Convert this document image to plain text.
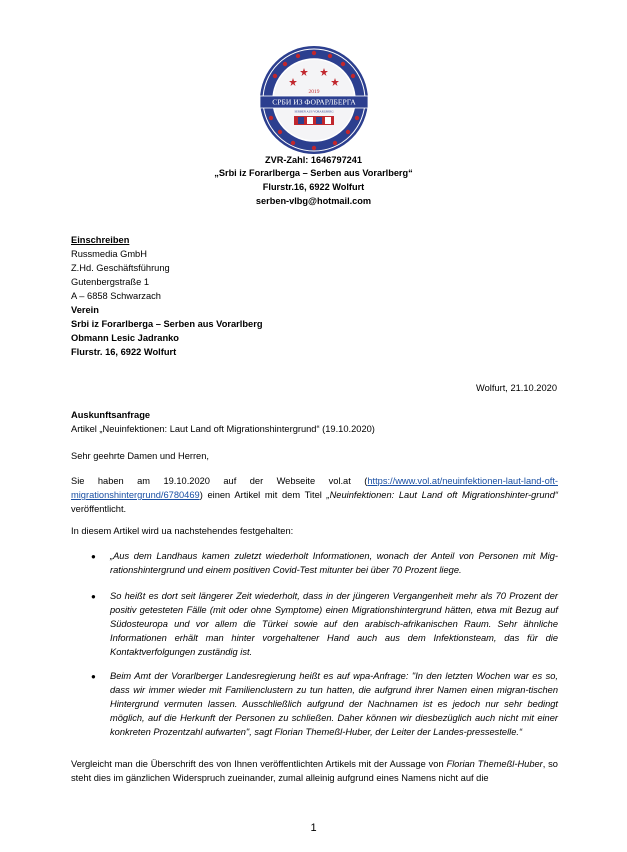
2019
СРБИ ИЗ ФОРАРЛБЕРГА
SERBEN AUS VORARLBERG
ZVR-Zahl: 1646797241
„Srbi iz Forarlberga – Serben aus Vorarlberg“
Flurstr.16, 6922 Wolfurt
serben-vlbg@hotmail.com
Einschreiben
Russmedia GmbH
Z.Hd. Geschäftsführung
Gutenbergstraße 1
A – 6858 Schwarzach
Verein
Srbi iz Forarlberga – Serben aus Vorarlberg
Obmann Lesic Jadranko
Flurstr. 16, 6922 Wolfurt
Wolfurt, 21.10.2020
Auskunftsanfrage
Artikel „Neuinfektionen: Laut Land oft Migrationshintergrund“ (19.10.2020)
Sehr geehrte Damen und Herren,
Sie haben am 19.10.2020 auf der Webseite vol.at (https://www.vol.at/neuinfektionen-laut-land-oft-migrationshintergrund/6780469) einen Artikel mit dem Titel „Neuinfektionen: Laut Land oft Migrationshinter-grund“ veröffentlicht.
In diesem Artikel wird ua nachstehendes festgehalten:
● „Aus dem Landhaus kamen zuletzt wiederholt Informationen, wonach der Anteil von Personen mit Mig-rationshintergrund und einem positiven Covid-Test mitunter bei über 70 Prozent liege.
● So heißt es dort seit längerer Zeit wiederholt, dass in der jüngeren Vergangenheit mehr als 70 Prozent der positiv getesteten Fälle (mit oder ohne Symptome) einen Migrationshintergrund hätten, etwa mit Bezug auf Südosteuropa und vor allem die Türkei sowie auf den arabisch-afrikanischen Raum. Sehr ähnliche Informationen erhält man hinter vorgehaltener Hand auch aus dem Infektionsteam, das für die Kontaktverfolgungen zuständig ist.
● Beim Amt der Vorarlberger Landesregierung heißt es auf wpa-Anfrage: "In den letzten Wochen war es so, dass wir immer wieder mit Familienclustern zu tun hatten, die aufgrund ihrer Namen einen migran-tischen Hintergrund vermuten lassen. Ausschließlich aufgrund der Nachnamen ist es jedoch nur sehr bedingt möglich, auf die Herkunft der Personen zu schließen. Daher können wir diesbezüglich auch nicht mit einer konkreten Prozentzahl aufwarten", sagt Florian Themeßl-Huber, der Leiter der Landes-pressestelle.“
Vergleicht man die Überschrift des von Ihnen veröffentlichten Artikels mit der Aussage von Florian Themeßl-Huber, so steht dies im gänzlichen Widerspruch zueinander, zumal alleinig aufgrund eines Namens nicht auf die
1
